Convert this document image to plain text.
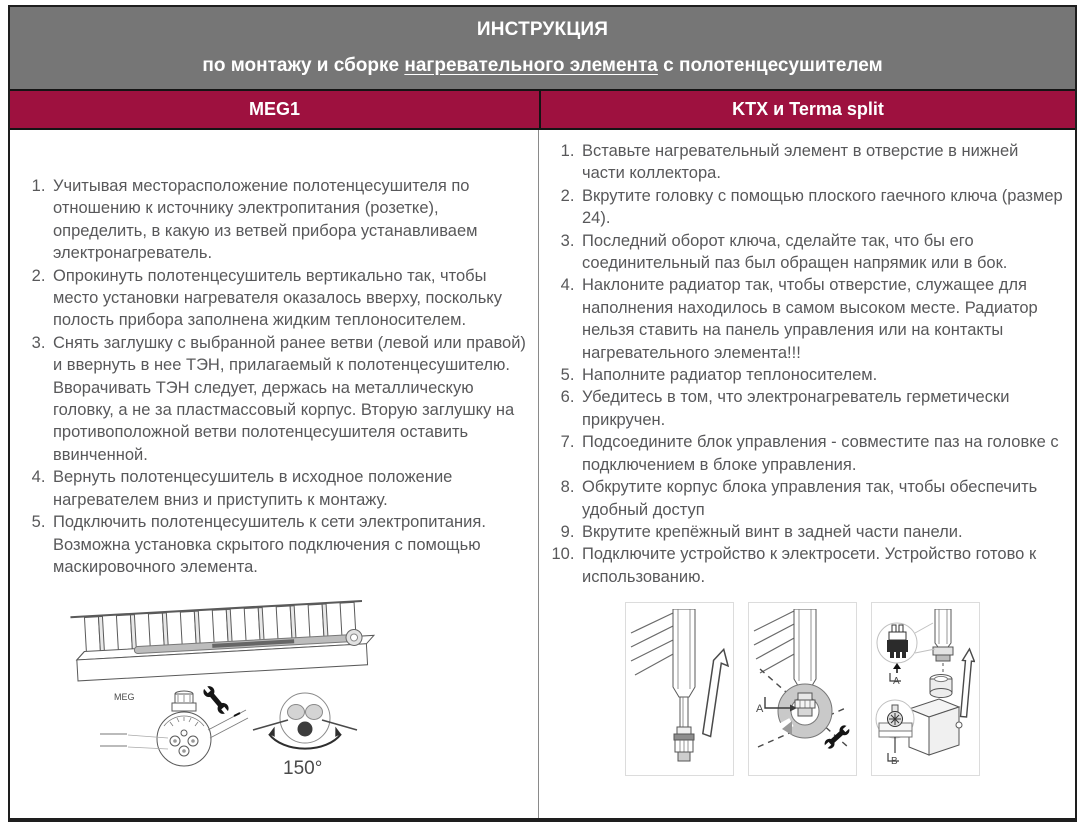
ИНСТРУКЦИЯ
по монтажу и сборке нагревательного элемента с полотенцесушителем
MEG1	KTX и Terma split
1. Учитывая месторасположение полотенцесушителя по отношению к источнику электропитания (розетке), определить, в какую из ветвей прибора устанавливаем электронагреватель.
2. Опрокинуть полотенцесушитель вертикально так, чтобы место установки нагревателя оказалось вверху, поскольку полость прибора заполнена жидким теплоносителем.
3. Снять заглушку с выбранной ранее ветви (левой или правой) и ввернуть в нее ТЭН, прилагаемый к полотенцесушителю. Вворачивать ТЭН следует, держась на металлическую головку, а не за пластмассовый корпус. Вторую заглушку на противоположной ветви полотенцесушителя оставить ввинченной.
4. Вернуть полотенцесушитель в исходное положение нагревателем вниз и приступить к монтажу.
5. Подключить полотенцесушитель к сети электропитания. Возможна установка скрытого подключения с помощью маскировочного элемента.
MEG
150°
1. Вставьте нагревательный элемент в отверстие в нижней части коллектора.
2. Вкрутите головку с помощью плоского гаечного ключа (размер 24).
3. Последний оборот ключа, сделайте так, что бы его соединительный паз был обращен напрямик или в бок.
4. Наклоните радиатор так, чтобы отверстие, служащее для наполнения находилось в самом высоком месте. Радиатор нельзя ставить на панель управления или на контакты нагревательного элемента!!!
5. Наполните радиатор теплоносителем.
6. Убедитесь в том, что электронагреватель герметически прикручен.
7. Подсоедините блок управления - совместите паз на головке с подключением в блоке управления.
8. Обкрутите корпус блока управления так, чтобы обеспечить удобный доступ
9. Вкрутите крепёжный винт в задней части панели.
10. Подключите устройство к электросети. Устройство готово к использованию.
A
A
B
